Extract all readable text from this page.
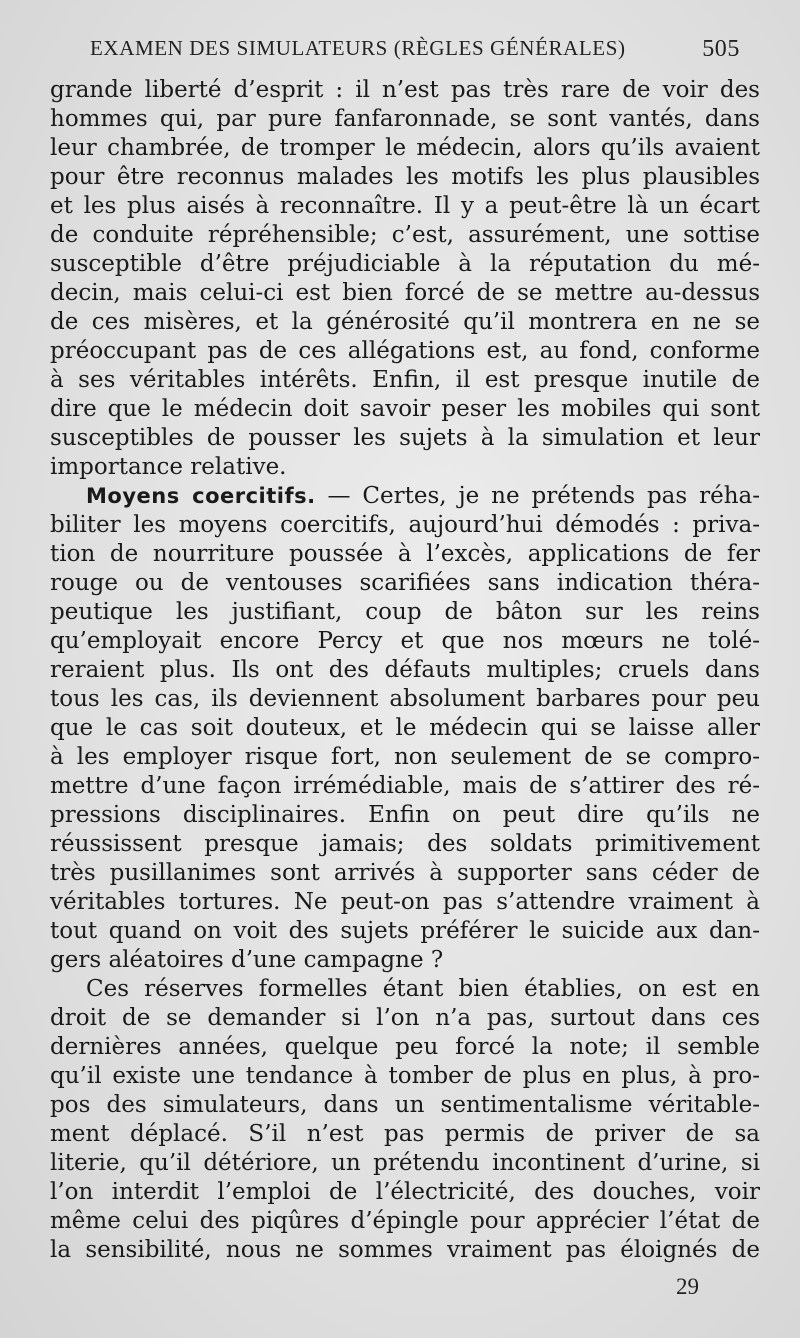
EXAMEN DES SIMULATEURS (RÈGLES GÉNÉRALES)	505
grande liberté d’esprit : il n’est pas très rare de voir des
hommes qui, par pure fanfaronnade, se sont vantés, dans
leur chambrée, de tromper le médecin, alors qu’ils avaient
pour être reconnus malades les motifs les plus plausibles
et les plus aisés à reconnaître. Il y a peut-être là un écart
de conduite répréhensible; c’est, assurément, une sottise
susceptible d’être préjudiciable à la réputation du mé-
decin, mais celui-ci est bien forcé de se mettre au-dessus
de ces misères, et la générosité qu’il montrera en ne se
préoccupant pas de ces allégations est, au fond, conforme
à ses véritables intérêts. Enfin, il est presque inutile de
dire que le médecin doit savoir peser les mobiles qui sont
susceptibles de pousser les sujets à la simulation et leur
importance relative.
Moyens coercitifs. — Certes, je ne prétends pas réha-
biliter les moyens coercitifs, aujourd’hui démodés : priva-
tion de nourriture poussée à l’excès, applications de fer
rouge ou de ventouses scarifiées sans indication théra-
peutique les justifiant, coup de bâton sur les reins
qu’employait encore Percy et que nos mœurs ne tolé-
reraient plus. Ils ont des défauts multiples; cruels dans
tous les cas, ils deviennent absolument barbares pour peu
que le cas soit douteux, et le médecin qui se laisse aller
à les employer risque fort, non seulement de se compro-
mettre d’une façon irrémédiable, mais de s’attirer des ré-
pressions disciplinaires. Enfin on peut dire qu’ils ne
réussissent presque jamais; des soldats primitivement
très pusillanimes sont arrivés à supporter sans céder de
véritables tortures. Ne peut-on pas s’attendre vraiment à
tout quand on voit des sujets préférer le suicide aux dan-
gers aléatoires d’une campagne ?
Ces réserves formelles étant bien établies, on est en
droit de se demander si l’on n’a pas, surtout dans ces
dernières années, quelque peu forcé la note; il semble
qu’il existe une tendance à tomber de plus en plus, à pro-
pos des simulateurs, dans un sentimentalisme véritable-
ment déplacé. S’il n’est pas permis de priver de sa
literie, qu’il détériore, un prétendu incontinent d’urine, si
l’on interdit l’emploi de l’électricité, des douches, voir
même celui des piqûres d’épingle pour apprécier l’état de
la sensibilité, nous ne sommes vraiment pas éloignés de
29
